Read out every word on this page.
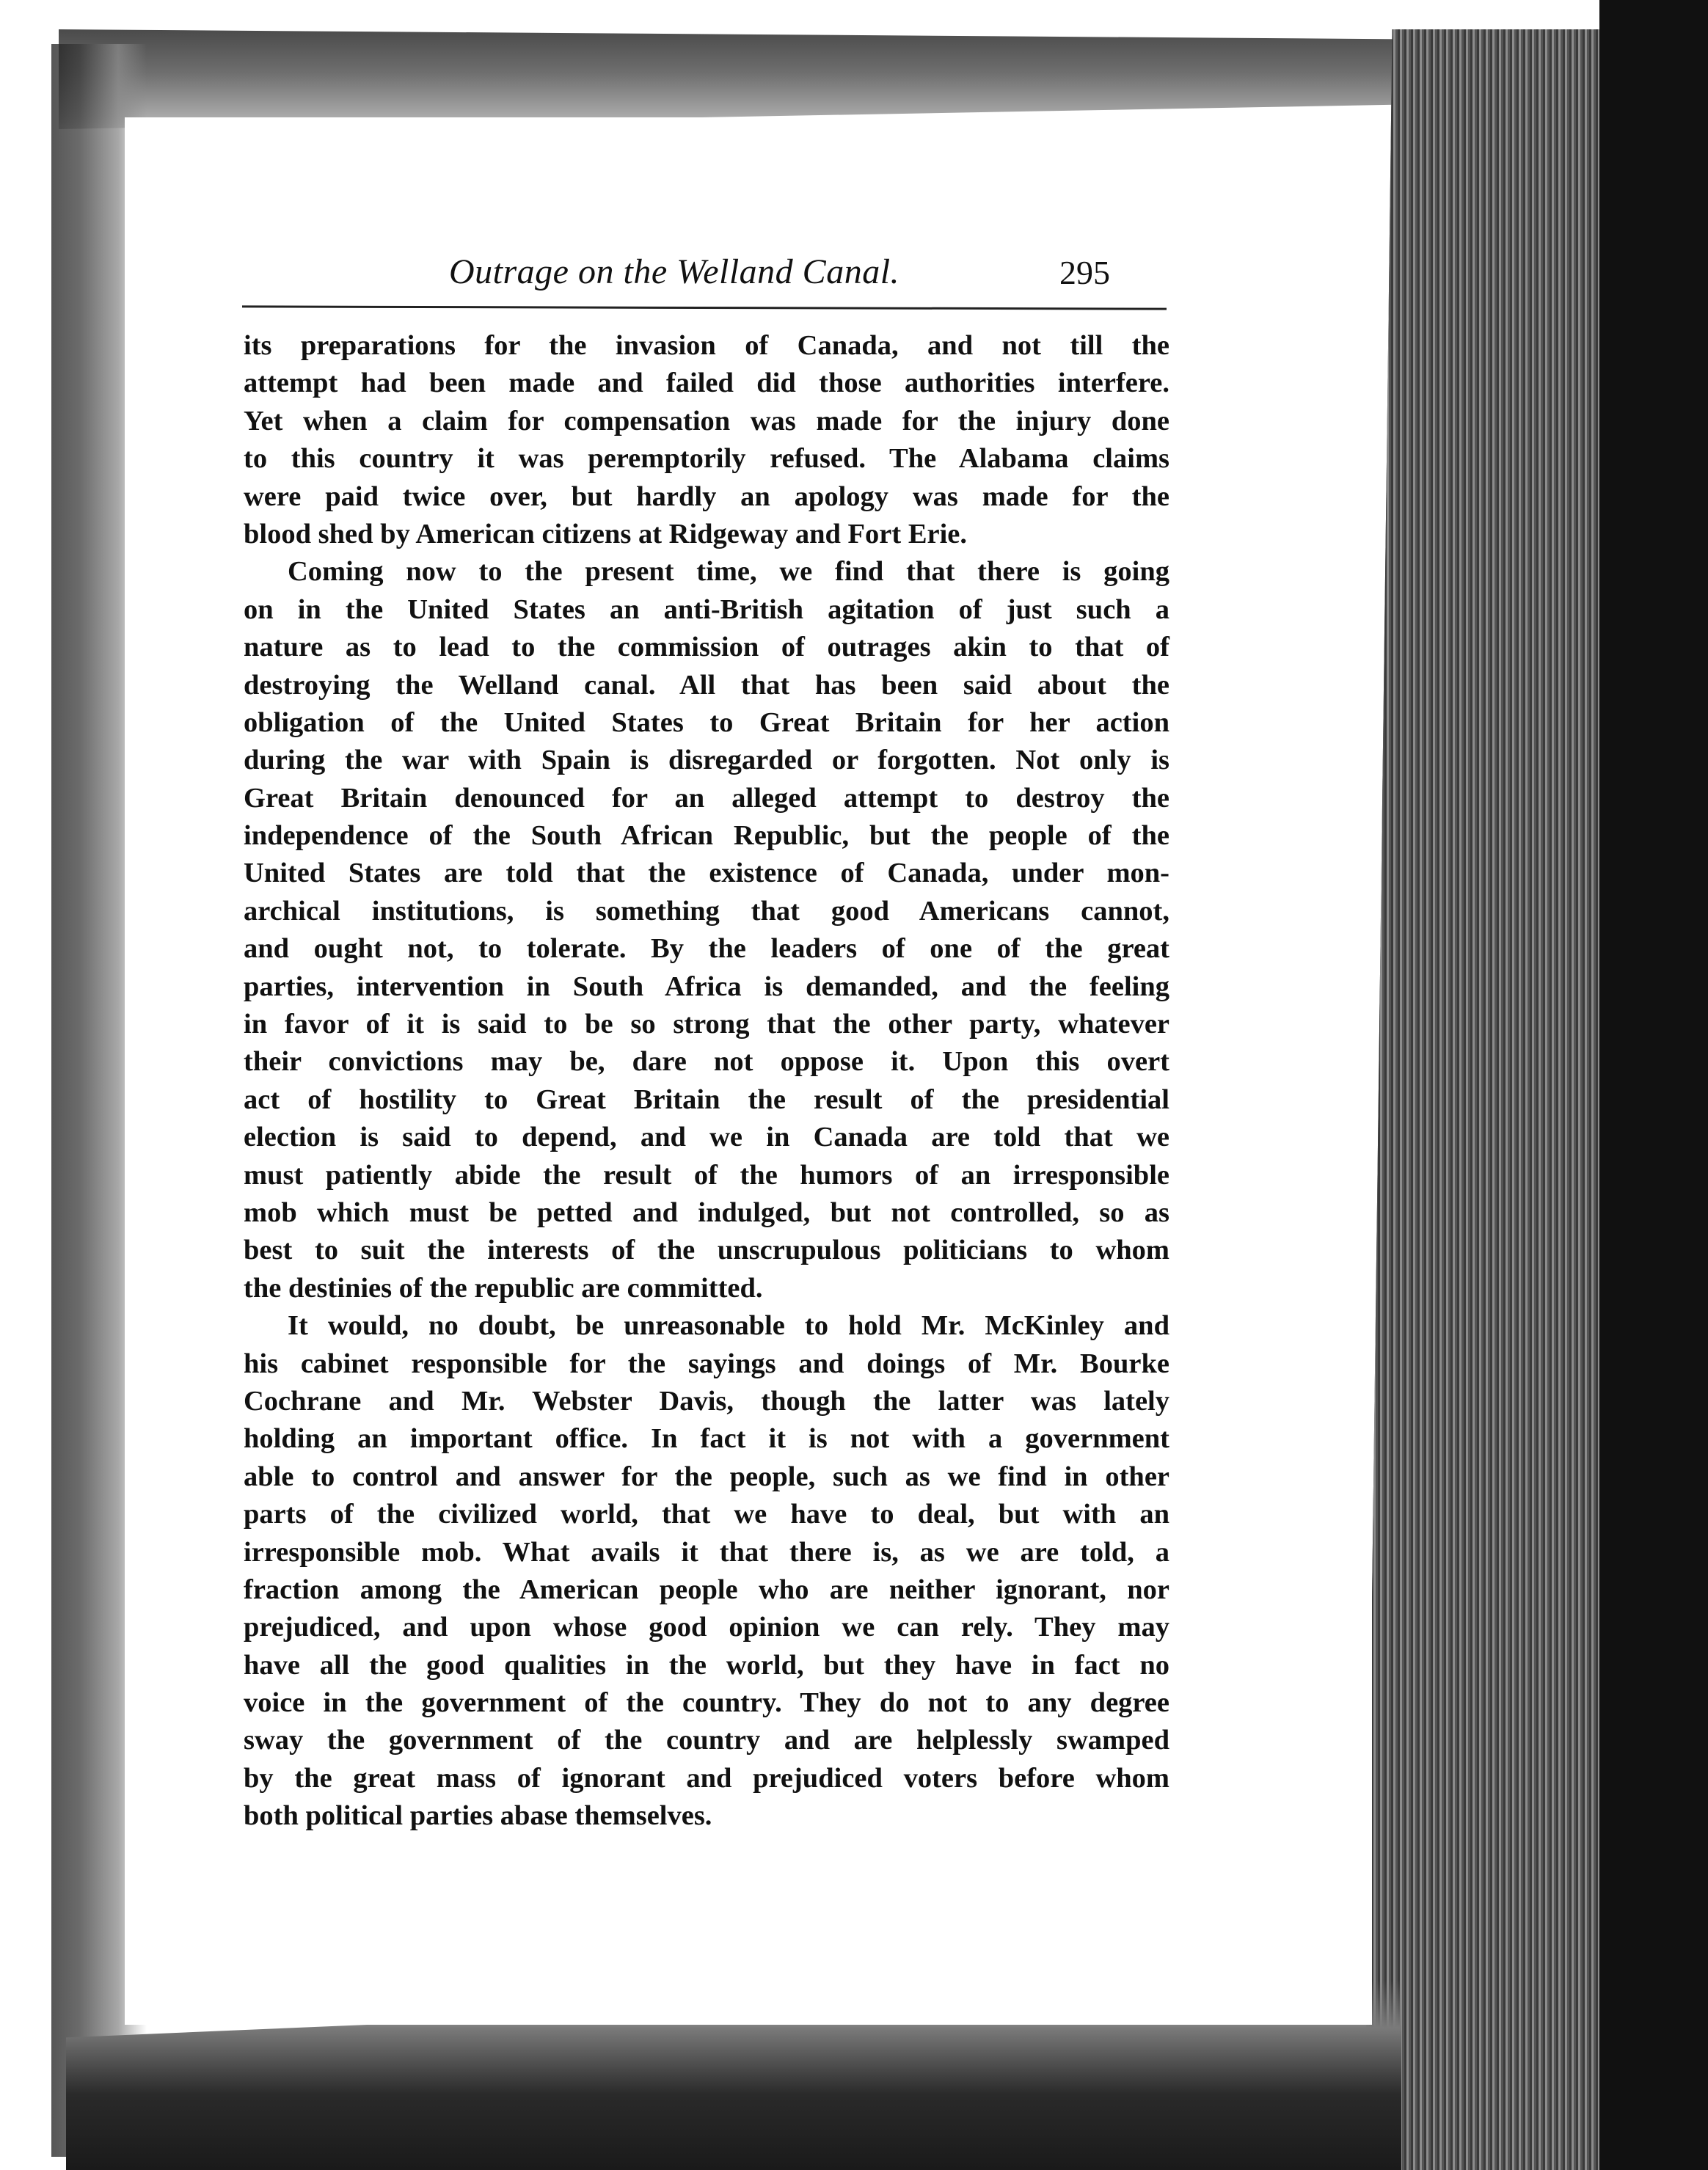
Outrage on the Welland Canal.	295
its preparations for the invasion of Canada, and not till the
attempt had been made and failed did those authorities interfere.
Yet when a claim for compensation was made for the injury done
to this country it was peremptorily refused. The Alabama claims
were paid twice over, but hardly an apology was made for the
blood shed by American citizens at Ridgeway and Fort Erie.
Coming now to the present time, we find that there is going
on in the United States an anti-British agitation of just such a
nature as to lead to the commission of outrages akin to that of
destroying the Welland canal. All that has been said about the
obligation of the United States to Great Britain for her action
during the war with Spain is disregarded or forgotten. Not only is
Great Britain denounced for an alleged attempt to destroy the
independence of the South African Republic, but the people of the
United States are told that the existence of Canada, under mon-
archical institutions, is something that good Americans cannot,
and ought not, to tolerate. By the leaders of one of the great
parties, intervention in South Africa is demanded, and the feeling
in favor of it is said to be so strong that the other party, whatever
their convictions may be, dare not oppose it. Upon this overt
act of hostility to Great Britain the result of the presidential
election is said to depend, and we in Canada are told that we
must patiently abide the result of the humors of an irresponsible
mob which must be petted and indulged, but not controlled, so as
best to suit the interests of the unscrupulous politicians to whom
the destinies of the republic are committed.
It would, no doubt, be unreasonable to hold Mr. McKinley and
his cabinet responsible for the sayings and doings of Mr. Bourke
Cochrane and Mr. Webster Davis, though the latter was lately
holding an important office. In fact it is not with a government
able to control and answer for the people, such as we find in other
parts of the civilized world, that we have to deal, but with an
irresponsible mob. What avails it that there is, as we are told, a
fraction among the American people who are neither ignorant, nor
prejudiced, and upon whose good opinion we can rely. They may
have all the good qualities in the world, but they have in fact no
voice in the government of the country. They do not to any degree
sway the government of the country and are helplessly swamped
by the great mass of ignorant and prejudiced voters before whom
both political parties abase themselves.
